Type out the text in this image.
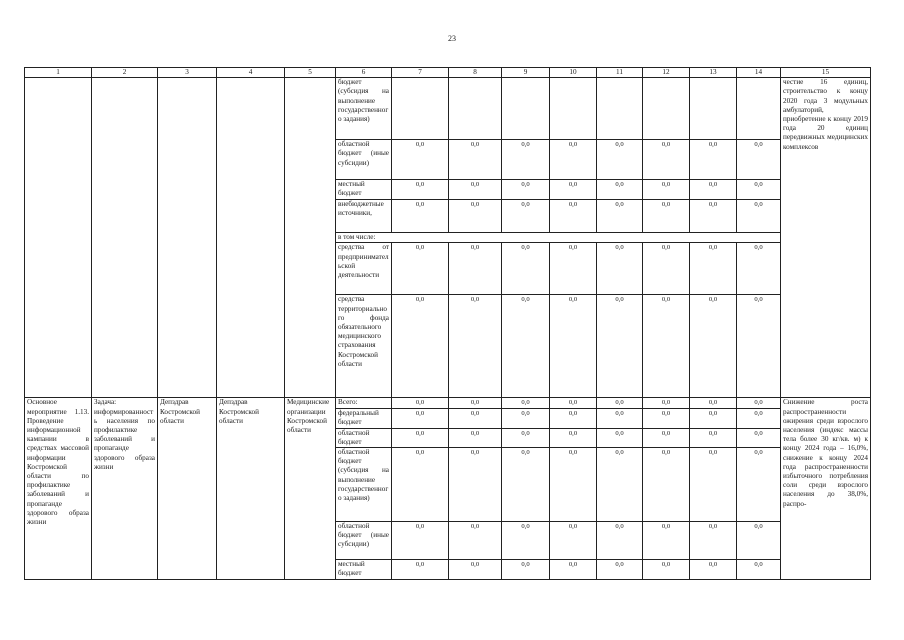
23
1	2	3	4	5	6	7	8	9	10	11	12	13	14	15
					бюджет (субсидия на выполнение государственного задания)									честие 16 единиц, строительство к концу 2020 года 3 модульных амбулаторий, приобретение к концу 2019 года 20 единиц передвижных медицинских комплексов
					областной бюджет (иные субсидии)	0,0	0,0	0,0	0,0	0,0	0,0	0,0	0,0	
					местный бюджет	0,0	0,0	0,0	0,0	0,0	0,0	0,0	0,0	
					внебюджетные источники,	0,0	0,0	0,0	0,0	0,0	0,0	0,0	0,0	
					в том числе:									
					средства от предпринимательской деятельности	0,0	0,0	0,0	0,0	0,0	0,0	0,0	0,0	
					средства территориального фонда обязательного медицинского страхования Костромской области	0,0	0,0	0,0	0,0	0,0	0,0	0,0	0,0	
Основное мероприятие 1.13. Проведение информационной кампании в средствах массовой информации Костромской области по профилактике заболеваний и пропаганде здорового образа жизни	Задача: информированность населения по профилактике заболеваний и пропаганде здорового образа жизни	Депздрав Костромской области	Депздрав Костромской области	Медицинские организации Костромской области	Всего:	0,0	0,0	0,0	0,0	0,0	0,0	0,0	0,0	Снижение роста распространенности ожирения среди взрослого населения (индекс массы тела более 30 кг/кв. м) к концу 2024 года – 16,0%, снижение к концу 2024 года распространенности избыточного потребления соли среди взрослого населения до 38,0%, распро-
					федеральный бюджет	0,0	0,0	0,0	0,0	0,0	0,0	0,0	0,0	
					областной бюджет	0,0	0,0	0,0	0,0	0,0	0,0	0,0	0,0	
					областной бюджет (субсидия на выполнение государственного задания)	0,0	0,0	0,0	0,0	0,0	0,0	0,0	0,0	
					областной бюджет (иные субсидии)	0,0	0,0	0,0	0,0	0,0	0,0	0,0	0,0	
					местный бюджет	0,0	0,0	0,0	0,0	0,0	0,0	0,0	0,0	
